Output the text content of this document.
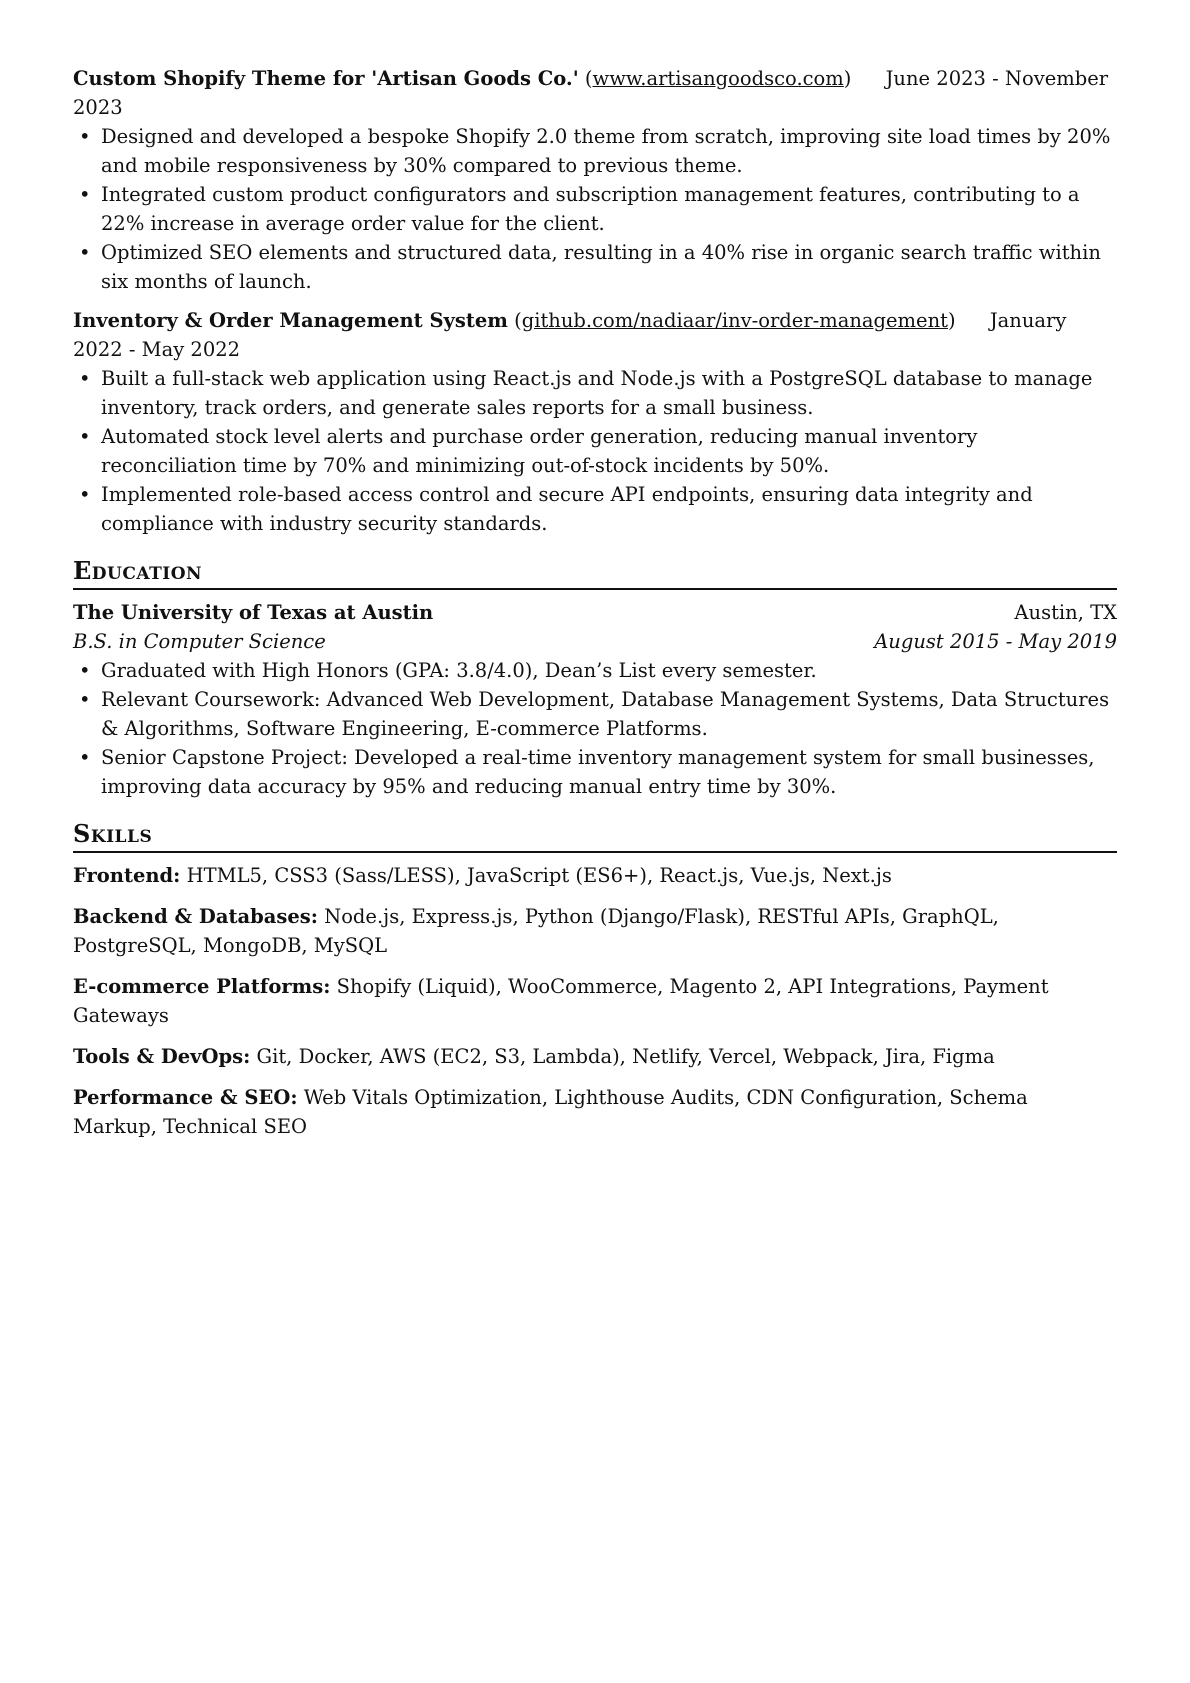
Custom Shopify Theme for 'Artisan Goods Co.' (www.artisangoodsco.com) June 2023 - November 2023
• Designed and developed a bespoke Shopify 2.0 theme from scratch, improving site load times by 20% and mobile responsiveness by 30% compared to previous theme.
• Integrated custom product configurators and subscription management features, contributing to a 22% increase in average order value for the client.
• Optimized SEO elements and structured data, resulting in a 40% rise in organic search traffic within six months of launch.
Inventory & Order Management System (github.com/nadiaar/inv-order-management) January 2022 - May 2022
• Built a full-stack web application using React.js and Node.js with a PostgreSQL database to manage inventory, track orders, and generate sales reports for a small business.
• Automated stock level alerts and purchase order generation, reducing manual inventory reconciliation time by 70% and minimizing out-of-stock incidents by 50%.
• Implemented role-based access control and secure API endpoints, ensuring data integrity and compliance with industry security standards.
Education
The University of Texas at Austin	Austin, TX
B.S. in Computer Science	August 2015 - May 2019
• Graduated with High Honors (GPA: 3.8/4.0), Dean’s List every semester.
• Relevant Coursework: Advanced Web Development, Database Management Systems, Data Structures & Algorithms, Software Engineering, E-commerce Platforms.
• Senior Capstone Project: Developed a real-time inventory management system for small businesses, improving data accuracy by 95% and reducing manual entry time by 30%.
Skills
Frontend: HTML5, CSS3 (Sass/LESS), JavaScript (ES6+), React.js, Vue.js, Next.js
Backend & Databases: Node.js, Express.js, Python (Django/Flask), RESTful APIs, GraphQL, PostgreSQL, MongoDB, MySQL
E-commerce Platforms: Shopify (Liquid), WooCommerce, Magento 2, API Integrations, Payment Gateways
Tools & DevOps: Git, Docker, AWS (EC2, S3, Lambda), Netlify, Vercel, Webpack, Jira, Figma
Performance & SEO: Web Vitals Optimization, Lighthouse Audits, CDN Configuration, Schema Markup, Technical SEO
